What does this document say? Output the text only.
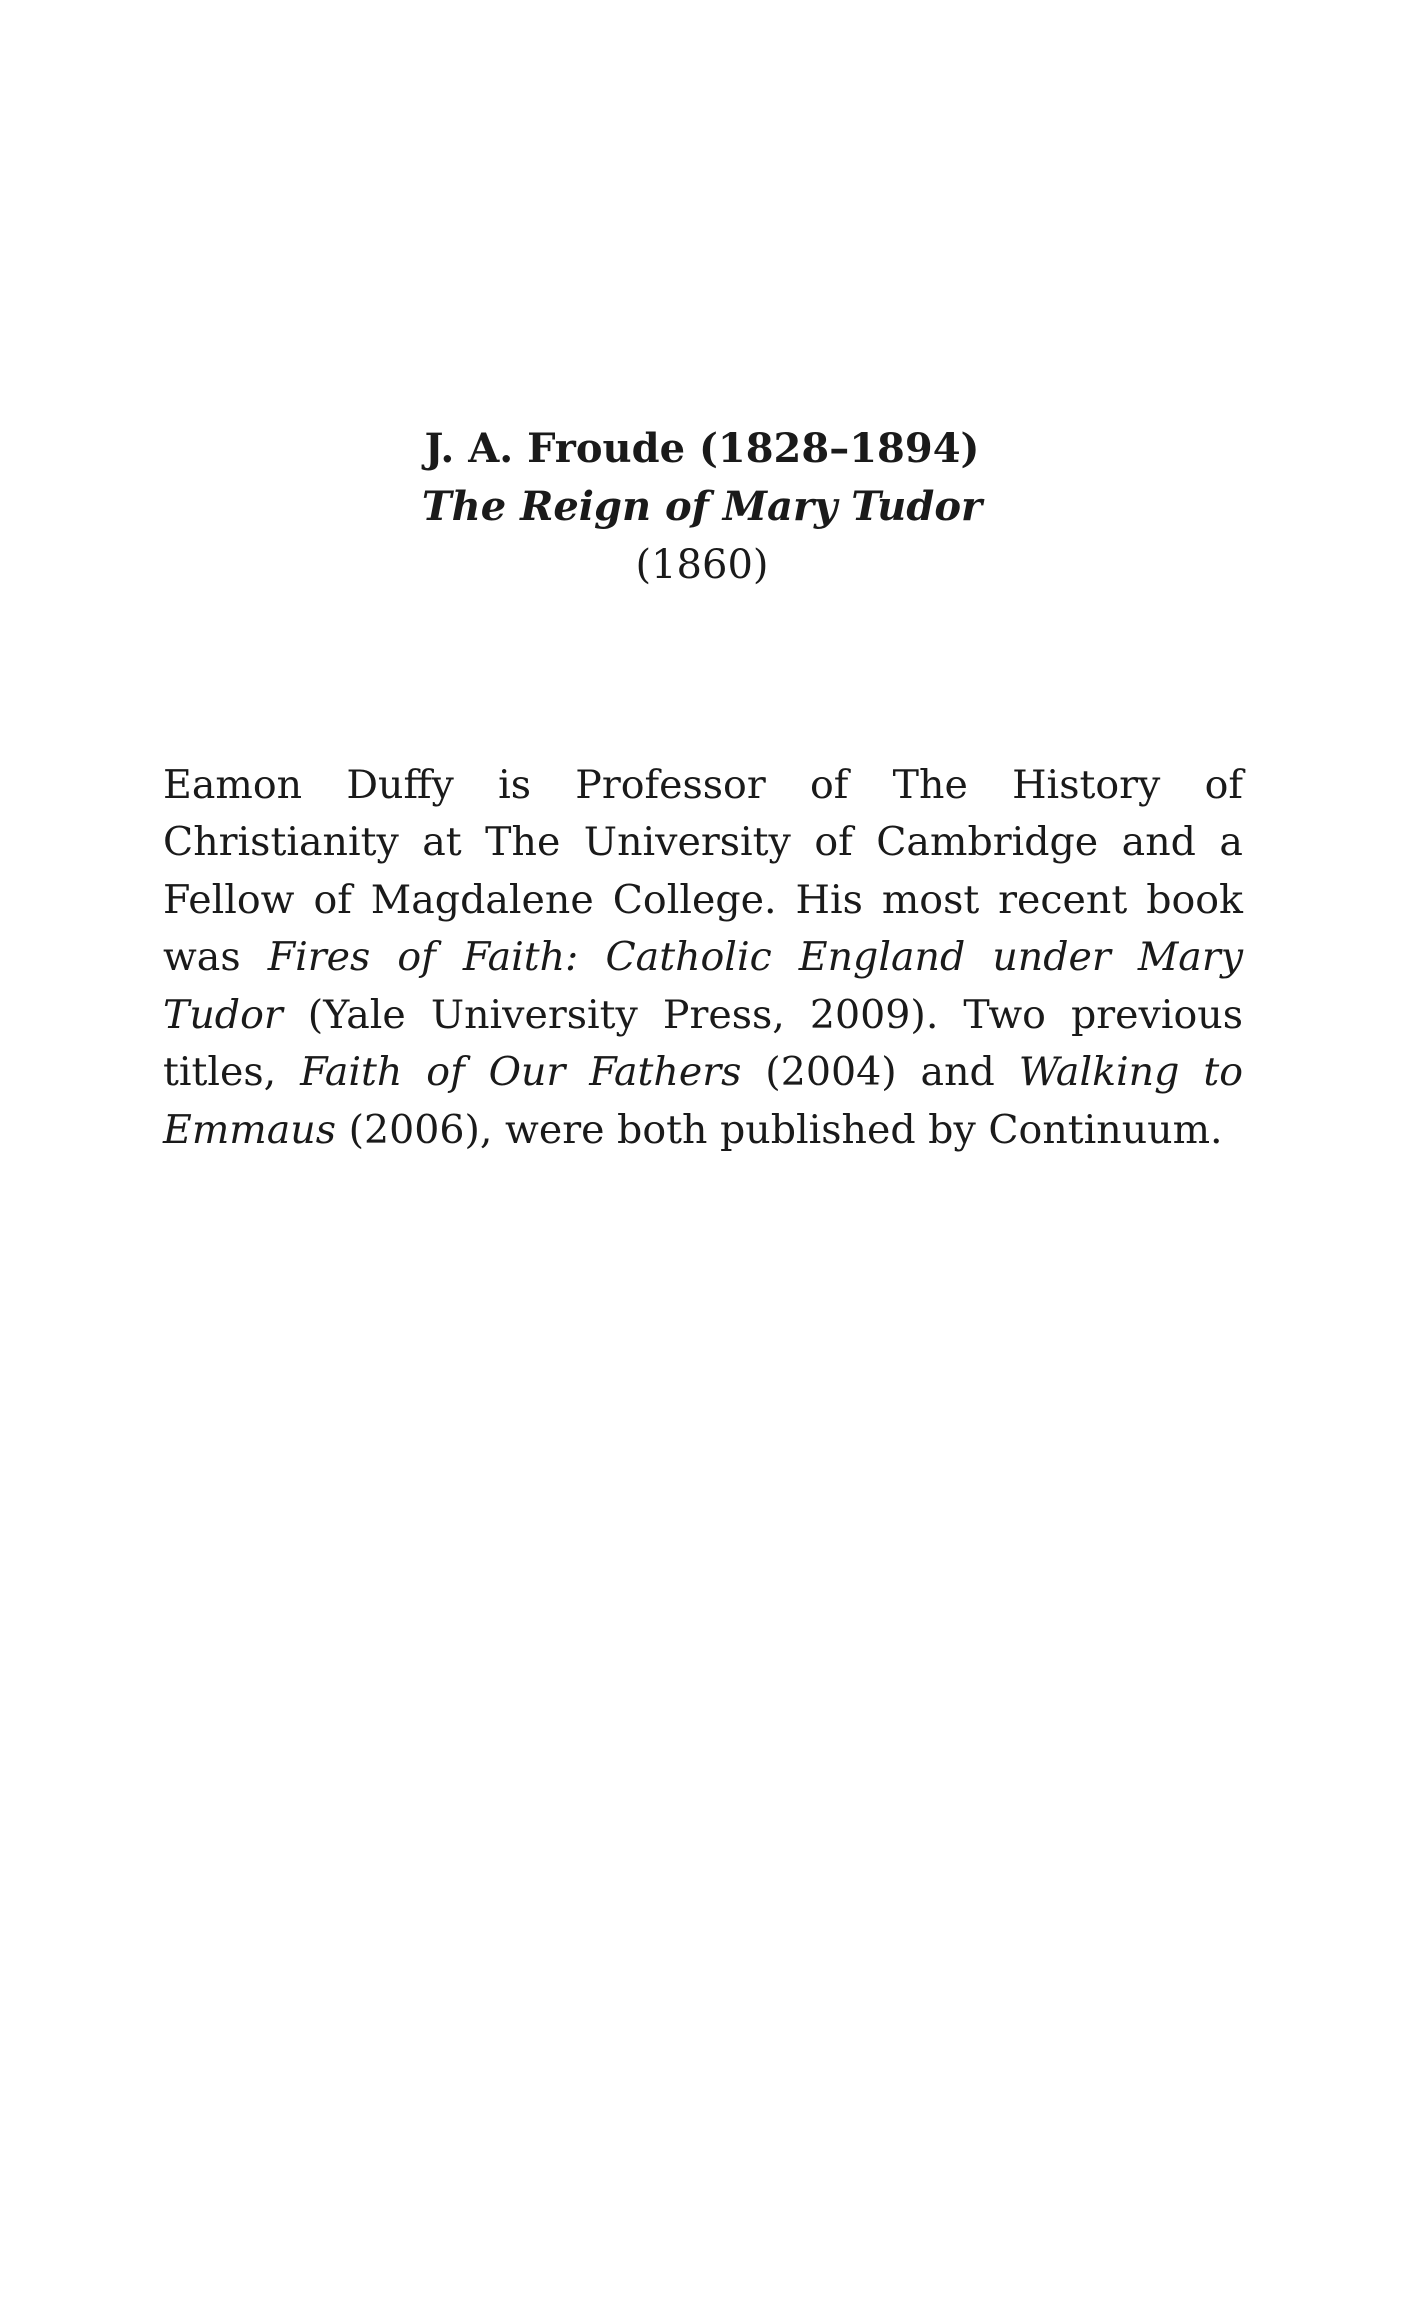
J. A. Froude (1828–1894)
The Reign of Mary Tudor
(1860)

Eamon Duffy is Professor of The History of Christianity at The University of Cambridge and a Fellow of Magdalene College. His most recent book was Fires of Faith: Catholic England under Mary Tudor (Yale University Press, 2009). Two previous titles, Faith of Our Fathers (2004) and Walking to Emmaus (2006), were both published by Continuum.
